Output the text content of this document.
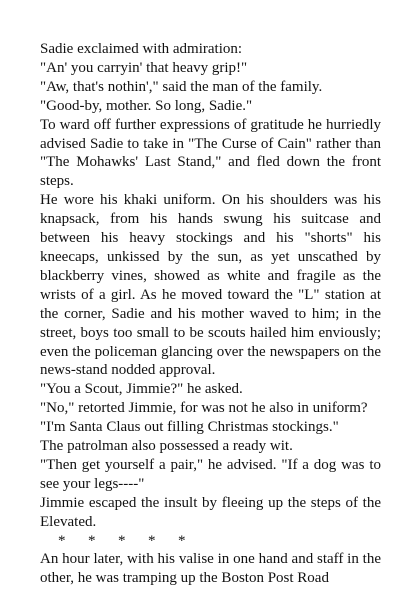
Sadie exclaimed with admiration:

"An' you carryin' that heavy grip!"

"Aw, that's nothin'," said the man of the family.

"Good-by, mother. So long, Sadie."

To ward off further expressions of gratitude he hurriedly advised Sadie to take in "The Curse of Cain" rather than "The Mohawks' Last Stand," and fled down the front steps.

He wore his khaki uniform. On his shoulders was his knapsack, from his hands swung his suitcase and between his heavy stockings and his "shorts" his kneecaps, unkissed by the sun, as yet unscathed by blackberry vines, showed as white and fragile as the wrists of a girl. As he moved toward the "L" station at the corner, Sadie and his mother waved to him; in the street, boys too small to be scouts hailed him enviously; even the policeman glancing over the newspapers on the news-stand nodded approval.

"You a Scout, Jimmie?" he asked.

"No," retorted Jimmie, for was not he also in uniform?

"I'm Santa Claus out filling Christmas stockings."

The patrolman also possessed a ready wit.

"Then get yourself a pair," he advised. "If a dog was to see your legs----"

Jimmie escaped the insult by fleeing up the steps of the Elevated.

*      *      *      *      *

An hour later, with his valise in one hand and staff in the other, he was tramping up the Boston Post Road
